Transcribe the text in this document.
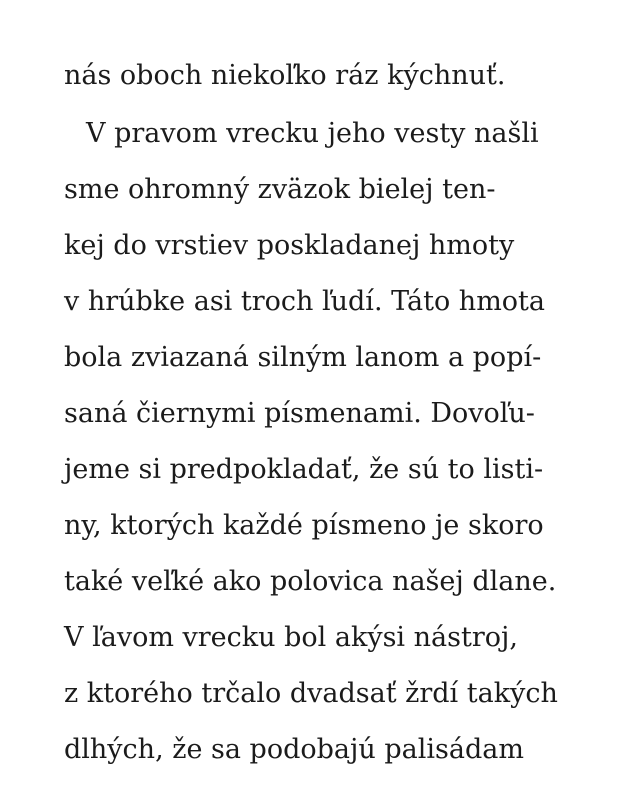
nás oboch niekoľko ráz kýchnuť.
V pravom vrecku jeho vesty našli
sme ohromný zväzok bielej ten-
kej do vrstiev poskladanej hmoty
v hrúbke asi troch ľudí. Táto hmota
bola zviazaná silným lanom a popí-
saná čiernymi písmenami. Dovoľu-
jeme si predpokladať, že sú to listi-
ny, ktorých každé písmeno je skoro
také veľké ako polovica našej dlane.
V ľavom vrecku bol akýsi nástroj,
z ktorého trčalo dvadsať žrdí takých
dlhých, že sa podobajú palisádam
